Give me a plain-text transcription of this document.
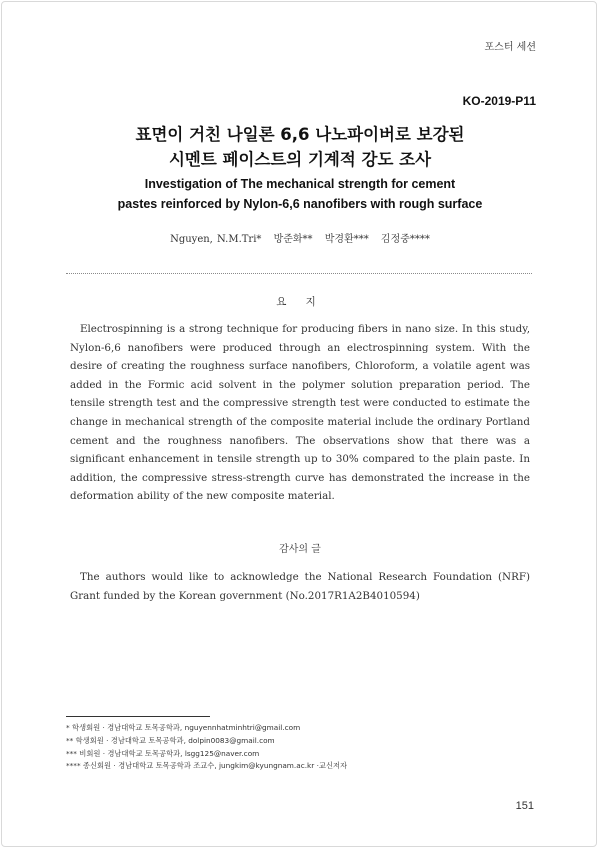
포스터 세션
KO-2019-P11
표면이 거친 나일론 6,6 나노파이버로 보강된
시멘트 페이스트의 기계적 강도 조사
Investigation of The mechanical strength for cement
pastes reinforced by Nylon-6,6 nanofibers with rough surface
Nguyen, N.M.Tri* 방준화** 박경환*** 김정중****
요 지

Electrospinning is a strong technique for producing fibers in nano size. In this study, Nylon-6,6 nanofibers were produced through an electrospinning system. With the desire of creating the roughness surface nanofibers, Chloroform, a volatile agent was added in the Formic acid solvent in the polymer solution preparation period. The tensile strength test and the compressive strength test were conducted to estimate the change in mechanical strength of the composite material include the ordinary Portland cement and the roughness nanofibers. The observations show that there was a significant enhancement in tensile strength up to 30% compared to the plain paste. In addition, the compressive stress-strength curve has demonstrated the increase in the deformation ability of the new composite material.

감사의 글

The authors would like to acknowledge the National Research Foundation (NRF) Grant funded by the Korean government (No.2017R1A2B4010594)

* 학생회원 · 경남대학교 토목공학과, nguyennhatminhtri@gmail.com
** 학생회원 · 경남대학교 토목공학과, dolpin0083@gmail.com
*** 비회원 · 경남대학교 토목공학과, lsgg125@naver.com
**** 종신회원 · 경남대학교 토목공학과 조교수, jungkim@kyungnam.ac.kr ·교신저자
151
